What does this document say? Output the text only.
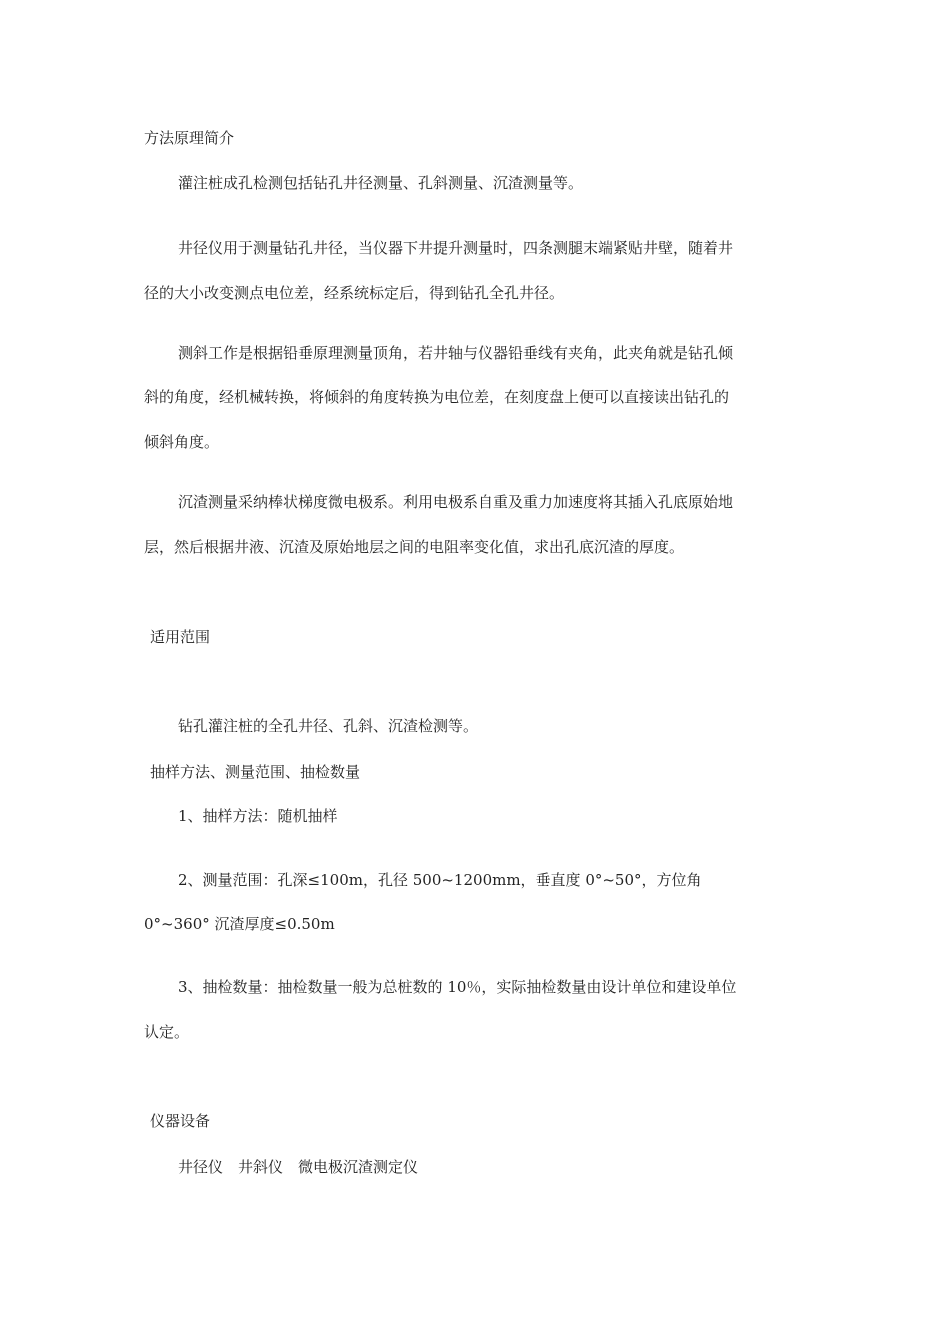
方法原理简介
灌注桩成孔检测包括钻孔井径测量、孔斜测量、沉渣测量等。
井径仪用于测量钻孔井径，当仪器下井提升测量时，四条测腿末端紧贴井壁，随着井
径的大小改变测点电位差，经系统标定后，得到钻孔全孔井径。
测斜工作是根据铅垂原理测量顶角，若井轴与仪器铅垂线有夹角，此夹角就是钻孔倾
斜的角度，经机械转换，将倾斜的角度转换为电位差，在刻度盘上便可以直接读出钻孔的
倾斜角度。
沉渣测量采纳棒状梯度微电极系。利用电极系自重及重力加速度将其插入孔底原始地
层，然后根据井液、沉渣及原始地层之间的电阻率变化值，求出孔底沉渣的厚度。
适用范围
钻孔灌注桩的全孔井径、孔斜、沉渣检测等。
抽样方法、测量范围、抽检数量
1、抽样方法：随机抽样
2、测量范围：孔深≤100m，孔径 500~1200mm，垂直度 0°~50°，方位角
0°~360° 沉渣厚度≤0.50m
3、抽检数量：抽检数量一般为总桩数的 10％，实际抽检数量由设计单位和建设单位
认定。
仪器设备
井径仪　井斜仪　微电极沉渣测定仪
